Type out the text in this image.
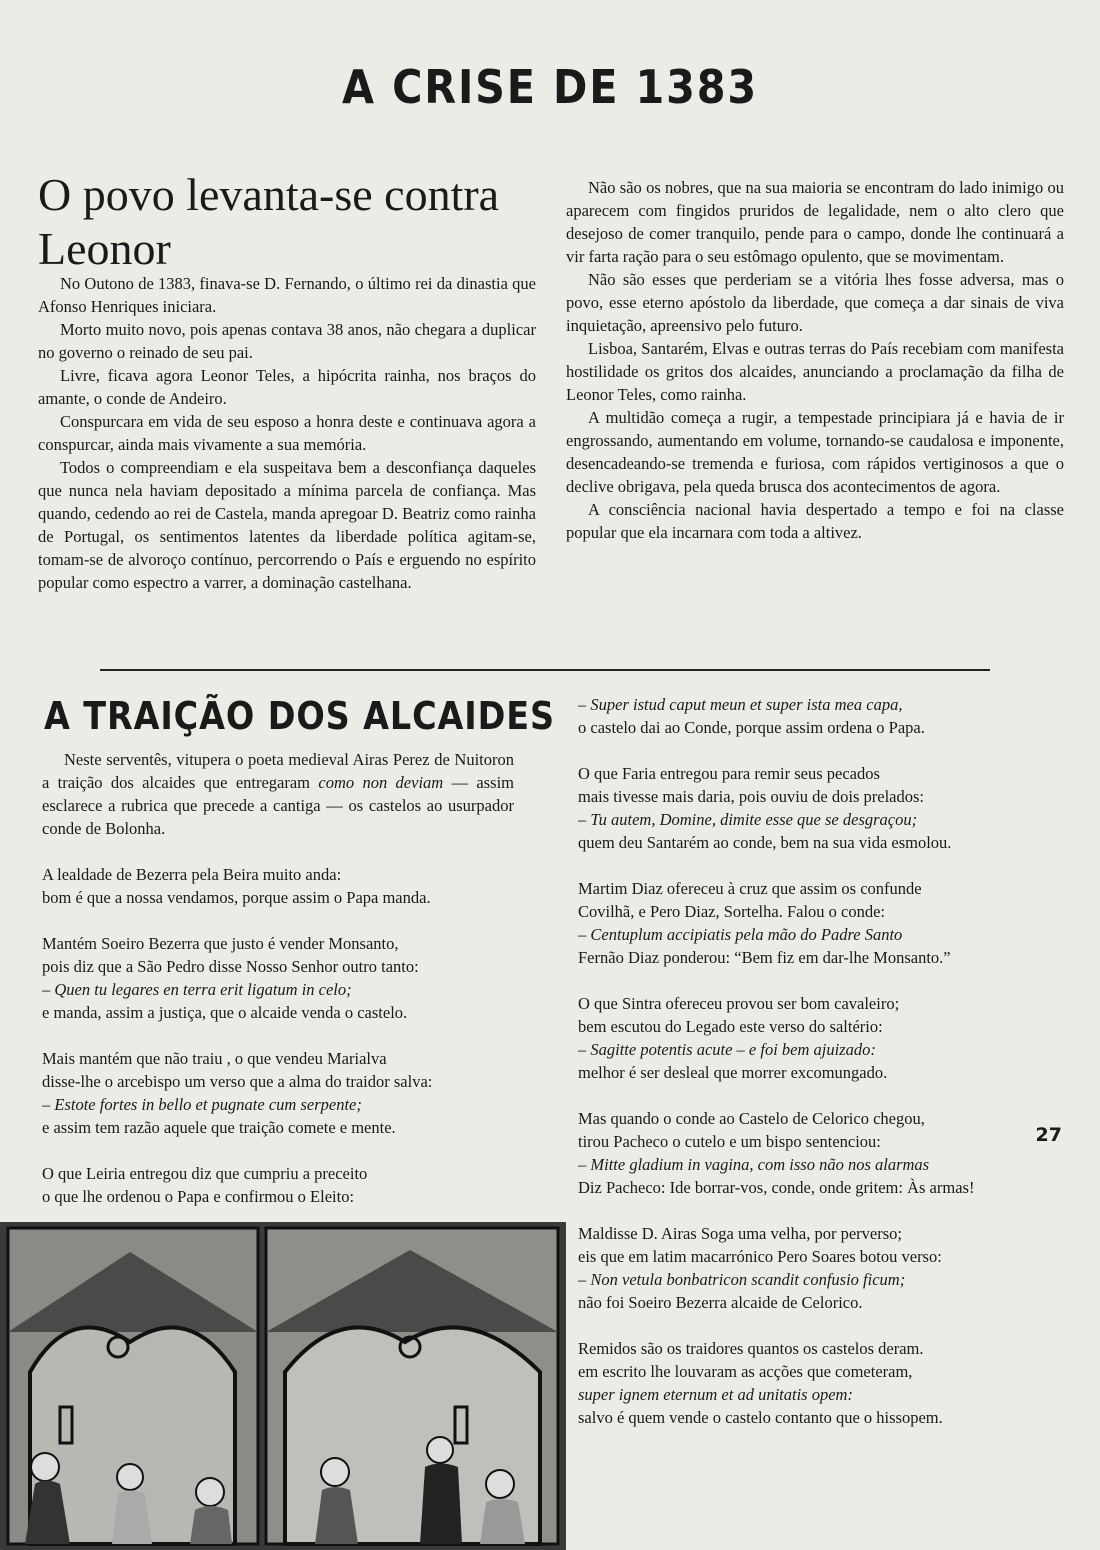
A CRISE DE 1383
O povo levanta-se contra Leonor

No Outono de 1383, finava-se D. Fernando, o último rei da dinastia que Afonso Henriques iniciara.

Morto muito novo, pois apenas contava 38 anos, não chegara a duplicar no governo o reinado de seu pai.

Livre, ficava agora Leonor Teles, a hipócrita rainha, nos braços do amante, o conde de Andeiro.

Conspurcara em vida de seu esposo a honra deste e continuava agora a conspurcar, ainda mais vivamente a sua memória.

Todos o compreendiam e ela suspeitava bem a desconfiança daqueles que nunca nela haviam depositado a mínima parcela de confiança. Mas quando, cedendo ao rei de Castela, manda apregoar D. Beatriz como rainha de Portugal, os sentimentos latentes da liberdade política agitam-se, tomam-se de alvoroço contínuo, percorrendo o País e erguendo no espírito popular como espectro a varrer, a dominação castelhana.

Não são os nobres, que na sua maioria se encontram do lado inimigo ou aparecem com fingidos pruridos de legalidade, nem o alto clero que desejoso de comer tranquilo, pende para o campo, donde lhe continuará a vir farta ração para o seu estômago opulento, que se movimentam.

Não são esses que perderiam se a vitória lhes fosse adversa, mas o povo, esse eterno apóstolo da liberdade, que começa a dar sinais de viva inquietação, apreensivo pelo futuro.

Lisboa, Santarém, Elvas e outras terras do País recebiam com manifesta hostilidade os gritos dos alcaides, anunciando a proclamação da filha de Leonor Teles, como rainha.

A multidão começa a rugir, a tempestade principiara já e havia de ir engrossando, aumentando em volume, tornando-se caudalosa e imponente, desencadeando-se tremenda e furiosa, com rápidos vertiginosos a que o declive obrigava, pela queda brusca dos acontecimentos de agora.

A consciência nacional havia despertado a tempo e foi na classe popular que ela incarnara com toda a altivez.

A TRAIÇÃO DOS ALCAIDES

Neste serventês, vitupera o poeta medieval Airas Perez de Nuitoron a traição dos alcaides que entregaram como non deviam — assim esclarece a rubrica que precede a cantiga — os castelos ao usurpador conde de Bolonha.

A lealdade de Bezerra pela Beira muito anda:
bom é que a nossa vendamos, porque assim o Papa manda.
Mantém Soeiro Bezerra que justo é vender Monsanto,
pois diz que a São Pedro disse Nosso Senhor outro tanto:
– Quen tu legares en terra erit ligatum in celo;
e manda, assim a justiça, que o alcaide venda o castelo.
Mais mantém que não traiu , o que vendeu Marialva
disse-lhe o arcebispo um verso que a alma do traidor salva:
– Estote fortes in bello et pugnate cum serpente;
e assim tem razão aquele que traição comete e mente.
O que Leiria entregou diz que cumpriu a preceito
o que lhe ordenou o Papa e confirmou o Eleito:
– Super istud caput meun et super ista mea capa,
o castelo dai ao Conde, porque assim ordena o Papa.
O que Faria entregou para remir seus pecados
mais tivesse mais daria, pois ouviu de dois prelados:
– Tu autem, Domine, dimite esse que se desgraçou;
quem deu Santarém ao conde, bem na sua vida esmolou.
Martim Diaz ofereceu à cruz que assim os confunde
Covilhã, e Pero Diaz, Sortelha. Falou o conde:
– Centuplum accipiatis pela mão do Padre Santo
Fernão Diaz ponderou: “Bem fiz em dar-lhe Monsanto.”
O que Sintra ofereceu provou ser bom cavaleiro;
bem escutou do Legado este verso do saltério:
– Sagitte potentis acute – e foi bem ajuizado:
melhor é ser desleal que morrer excomungado.
Mas quando o conde ao Castelo de Celorico chegou,
tirou Pacheco o cutelo e um bispo sentenciou:
– Mitte gladium in vagina, com isso não nos alarmas
Diz Pacheco: Ide borrar-vos, conde, onde gritem: Às armas!
Maldisse D. Airas Soga uma velha, por perverso;
eis que em latim macarrónico Pero Soares botou verso:
– Non vetula bonbatricon scandit confusio ficum;
não foi Soeiro Bezerra alcaide de Celorico.
Remidos são os traidores quantos os castelos deram.
em escrito lhe louvaram as acções que cometeram,
super ignem eternum et ad unitatis opem:
salvo é quem vende o castelo contanto que o hissopem.

27
